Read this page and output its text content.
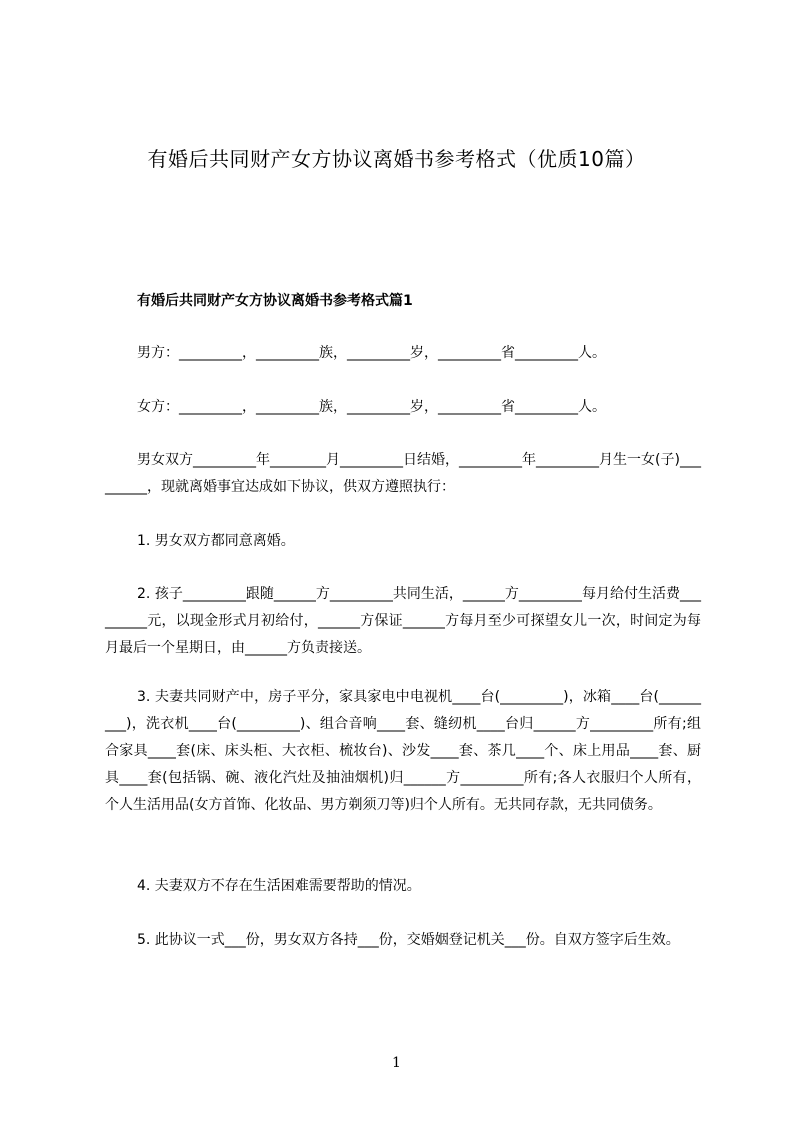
有婚后共同财产女方协议离婚书参考格式（优质10篇）
有婚后共同财产女方协议离婚书参考格式篇1

男方：_________，_________族，_________岁，_________省_________人。

女方：_________，_________族，_________岁，_________省_________人。

男女双方_________年________月_________日结婚，_________年_________月生一女(子)_________，现就离婚事宜达成如下协议，供双方遵照执行：

1. 男女双方都同意离婚。

2. 孩子_________跟随______方_________共同生活，______方_________每月给付生活费_________元，以现金形式月初给付，______方保证______方每月至少可探望女儿一次，时间定为每月最后一个星期日，由______方负责接送。

3. 夫妻共同财产中，房子平分，家具家电中电视机____台(_________)，冰箱____台(_________)，洗衣机____台(_________)、组合音响____套、缝纫机____台归______方_________所有;组合家具____套(床、床头柜、大衣柜、梳妆台)、沙发____套、茶几____个、床上用品____套、厨具____套(包括锅、碗、液化汽灶及抽油烟机)归______方_________所有;各人衣服归个人所有，个人生活用品(女方首饰、化妆品、男方剃须刀等)归个人所有。无共同存款，无共同债务。

4. 夫妻双方不存在生活困难需要帮助的情况。

5. 此协议一式___份，男女双方各持___份，交婚姻登记机关___份。自双方签字后生效。

1
